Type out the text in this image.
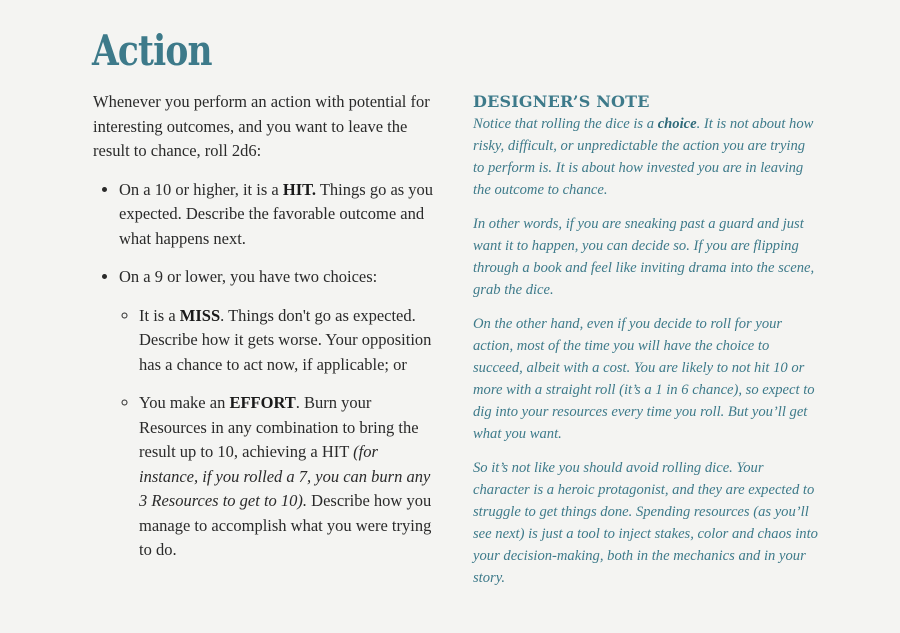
Action

Whenever you perform an action with potential for interesting outcomes, and you want to leave the result to chance, roll 2d6:

• On a 10 or higher, it is a HIT. Things go as you expected. Describe the favorable outcome and what happens next.
• On a 9 or lower, you have two choices:
◦ It is a MISS. Things don't go as expected. Describe how it gets worse. Your opposition has a chance to act now, if applicable; or
◦ You make an EFFORT. Burn your Resources in any combination to bring the result up to 10, achieving a HIT (for instance, if you rolled a 7, you can burn any 3 Resources to get to 10). Describe how you manage to accomplish what you were trying to do.
DESIGNER’S NOTE

Notice that rolling the dice is a choice. It is not about how risky, difficult, or unpredictable the action you are trying to perform is. It is about how invested you are in leaving the outcome to chance.

In other words, if you are sneaking past a guard and just want it to happen, you can decide so. If you are flipping through a book and feel like inviting drama into the scene, grab the dice.

On the other hand, even if you decide to roll for your action, most of the time you will have the choice to succeed, albeit with a cost. You are likely to not hit 10 or more with a straight roll (it’s a 1 in 6 chance), so expect to dig into your resources every time you roll. But you’ll get what you want.

So it’s not like you should avoid rolling dice. Your character is a heroic protagonist, and they are expected to struggle to get things done. Spending resources (as you’ll see next) is just a tool to inject stakes, color and chaos into your decision-making, both in the mechanics and in your story.
